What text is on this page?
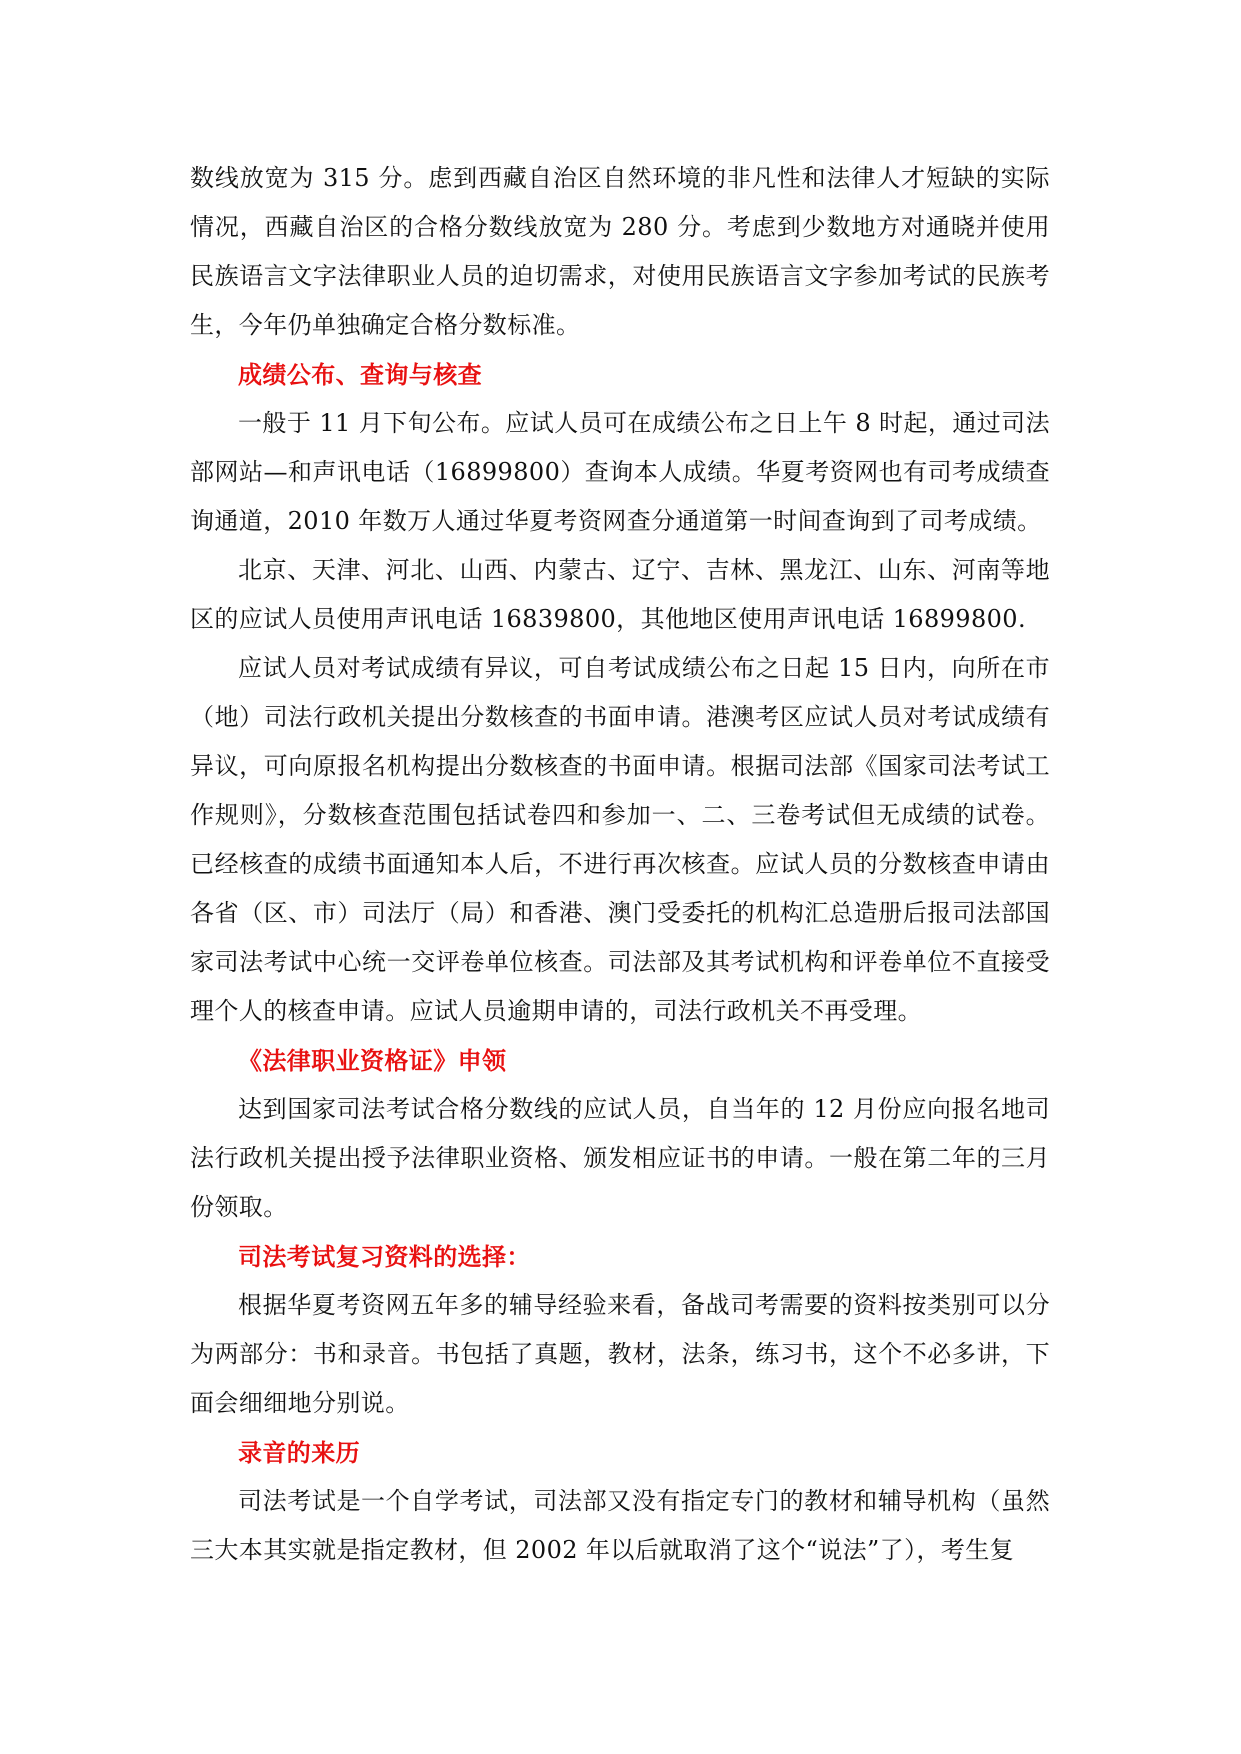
数线放宽为 315 分。虑到西藏自治区自然环境的非凡性和法律人才短缺的实际情况，西藏自治区的合格分数线放宽为 280 分。考虑到少数地方对通晓并使用民族语言文字法律职业人员的迫切需求，对使用民族语言文字参加考试的民族考生，今年仍单独确定合格分数标准。

成绩公布、查询与核查

一般于 11 月下旬公布。应试人员可在成绩公布之日上午 8 时起，通过司法部网站—和声讯电话（16899800）查询本人成绩。华夏考资网也有司考成绩查询通道，2010 年数万人通过华夏考资网查分通道第一时间查询到了司考成绩。

北京、天津、河北、山西、内蒙古、辽宁、吉林、黑龙江、山东、河南等地区的应试人员使用声讯电话 16839800，其他地区使用声讯电话 16899800.

应试人员对考试成绩有异议，可自考试成绩公布之日起 15 日内，向所在市（地）司法行政机关提出分数核查的书面申请。港澳考区应试人员对考试成绩有异议，可向原报名机构提出分数核查的书面申请。根据司法部《国家司法考试工作规则》，分数核查范围包括试卷四和参加一、二、三卷考试但无成绩的试卷。已经核查的成绩书面通知本人后，不进行再次核查。应试人员的分数核查申请由各省（区、市）司法厅（局）和香港、澳门受委托的机构汇总造册后报司法部国家司法考试中心统一交评卷单位核查。司法部及其考试机构和评卷单位不直接受理个人的核查申请。应试人员逾期申请的，司法行政机关不再受理。

《法律职业资格证》申领

达到国家司法考试合格分数线的应试人员，自当年的 12 月份应向报名地司法行政机关提出授予法律职业资格、颁发相应证书的申请。一般在第二年的三月份领取。

司法考试复习资料的选择：

根据华夏考资网五年多的辅导经验来看，备战司考需要的资料按类别可以分为两部分：书和录音。书包括了真题，教材，法条，练习书，这个不必多讲，下面会细细地分别说。

录音的来历

司法考试是一个自学考试，司法部又没有指定专门的教材和辅导机构（虽然三大本其实就是指定教材，但 2002 年以后就取消了这个“说法”了），考生复
